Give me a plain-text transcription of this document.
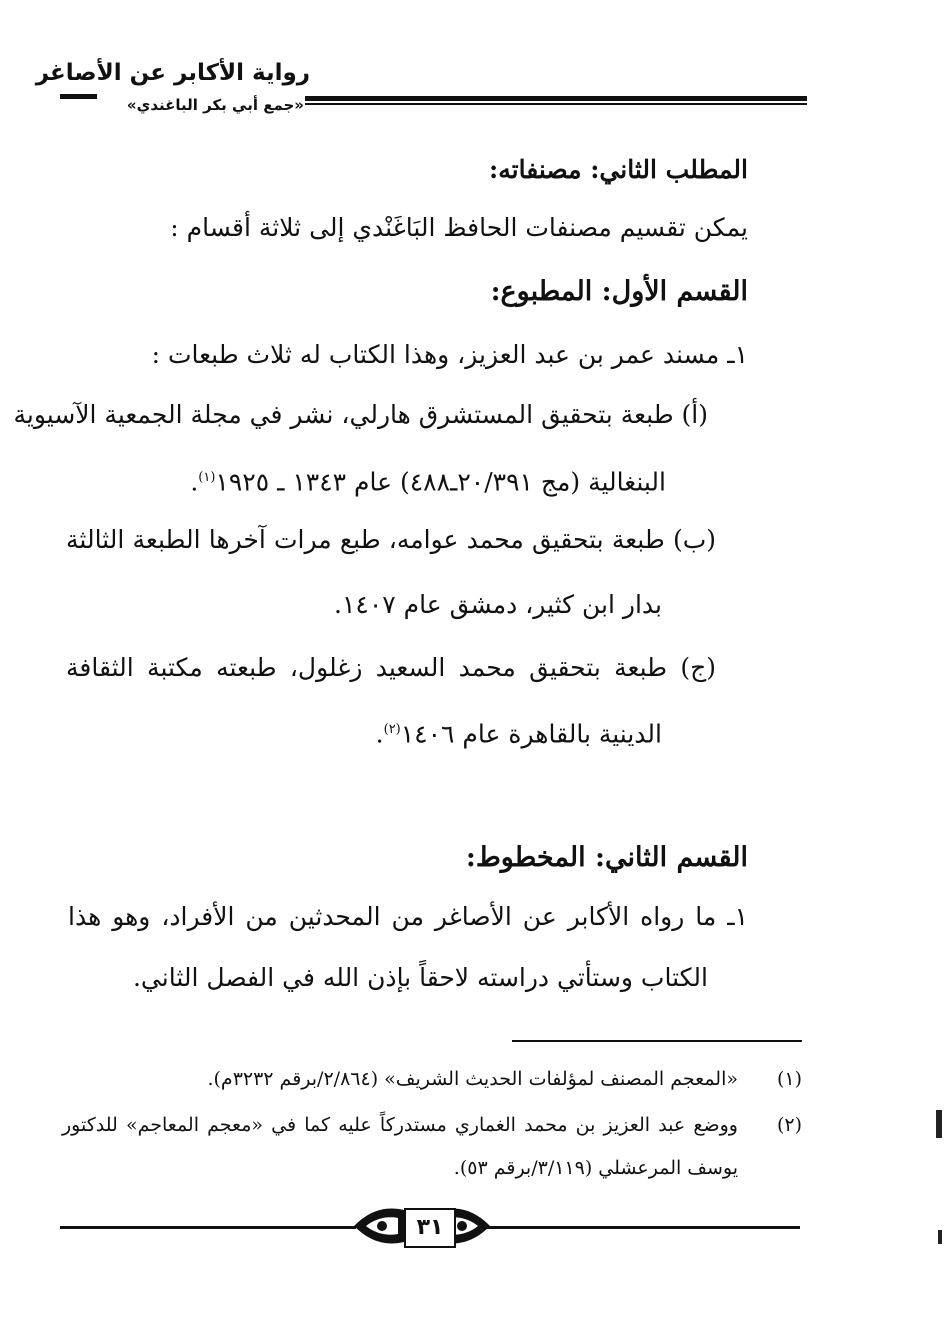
رواية الأكابر عن الأصاغر
«جمع أبي بكر الباغندي»
المطلب الثاني: مصنفاته:
يمكن تقسيم مصنفات الحافظ البَاغَنْدي إلى ثلاثة أقسام :
القسم الأول: المطبوع:
١ـ مسند عمر بن عبد العزيز، وهذا الكتاب له ثلاث طبعات :
(أ) طبعة بتحقيق المستشرق هارلي، نشر في مجلة الجمعية الآسيوية
البنغالية (مج ٢٠/٣٩١ـ٤٨٨) عام ١٣٤٣ ـ ١٩٢٥$^{(١)}$.
(ب) طبعة بتحقيق محمد عوامه، طبع مرات آخرها الطبعة الثالثة
بدار ابن كثير، دمشق عام ١٤٠٧.
(ج) طبعة بتحقيق محمد السعيد زغلول، طبعته مكتبة الثقافة
الدينية بالقاهرة عام ١٤٠٦$^{(٢)}$.
القسم الثاني: المخطوط:
١ـ ما رواه الأكابر عن الأصاغر من المحدثين من الأفراد، وهو هذا
الكتاب وستأتي دراسته لاحقاً بإذن الله في الفصل الثاني.
(١)
«المعجم المصنف لمؤلفات الحديث الشريف» (٢/٨٦٤/برقم ٣٢٣٢م).
(٢)
ووضع عبد العزيز بن محمد الغماري مستدركاً عليه كما في «معجم المعاجم» للدكتور
يوسف المرعشلي (٣/١١٩/برقم ٥٣).
٣١
